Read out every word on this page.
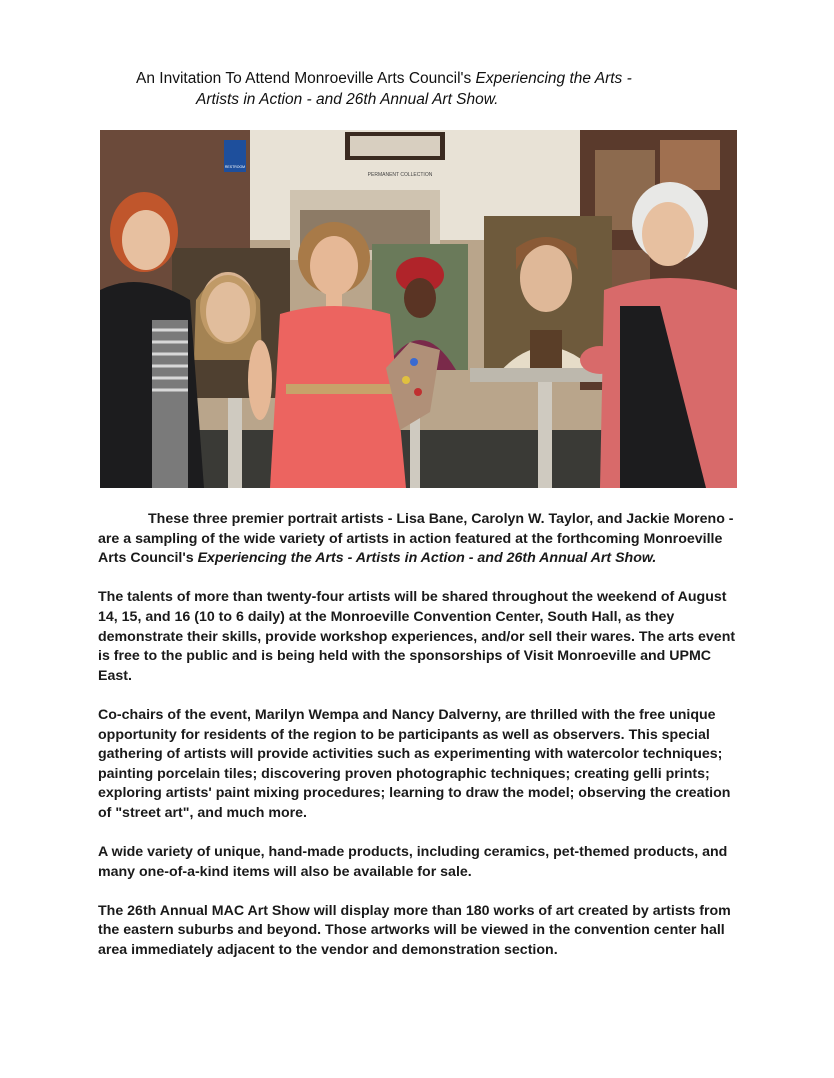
An Invitation To Attend Monroeville Arts Council's Experiencing the Arts -
Artists in Action - and 26th Annual Art Show.
PERMANENT COLLECTION
RESTROOM

These three premier portrait artists - Lisa Bane, Carolyn W. Taylor, and Jackie Moreno - are a sampling of the wide variety of artists in action featured at the forthcoming Monroeville Arts Council's Experiencing the Arts - Artists in Action - and 26th Annual Art Show.

The talents of more than twenty-four artists will be shared throughout the weekend of August 14, 15, and 16 (10 to 6 daily) at the Monroeville Convention Center, South Hall, as they demonstrate their skills, provide workshop experiences, and/or sell their wares. The arts event is free to the public and is being held with the sponsorships of Visit Monroeville and UPMC East.

Co-chairs of the event, Marilyn Wempa and Nancy Dalverny, are thrilled with the free unique opportunity for residents of the region to be participants as well as observers. This special gathering of artists will provide activities such as experimenting with watercolor techniques; painting porcelain tiles; discovering proven photographic techniques; creating gelli prints; exploring artists' paint mixing procedures; learning to draw the model; observing the creation of "street art", and much more.

A wide variety of unique, hand-made products, including ceramics, pet-themed products, and many one-of-a-kind items will also be available for sale.

The 26th Annual MAC Art Show will display more than 180 works of art created by artists from the eastern suburbs and beyond. Those artworks will be viewed in the convention center hall area immediately adjacent to the vendor and demonstration section.
